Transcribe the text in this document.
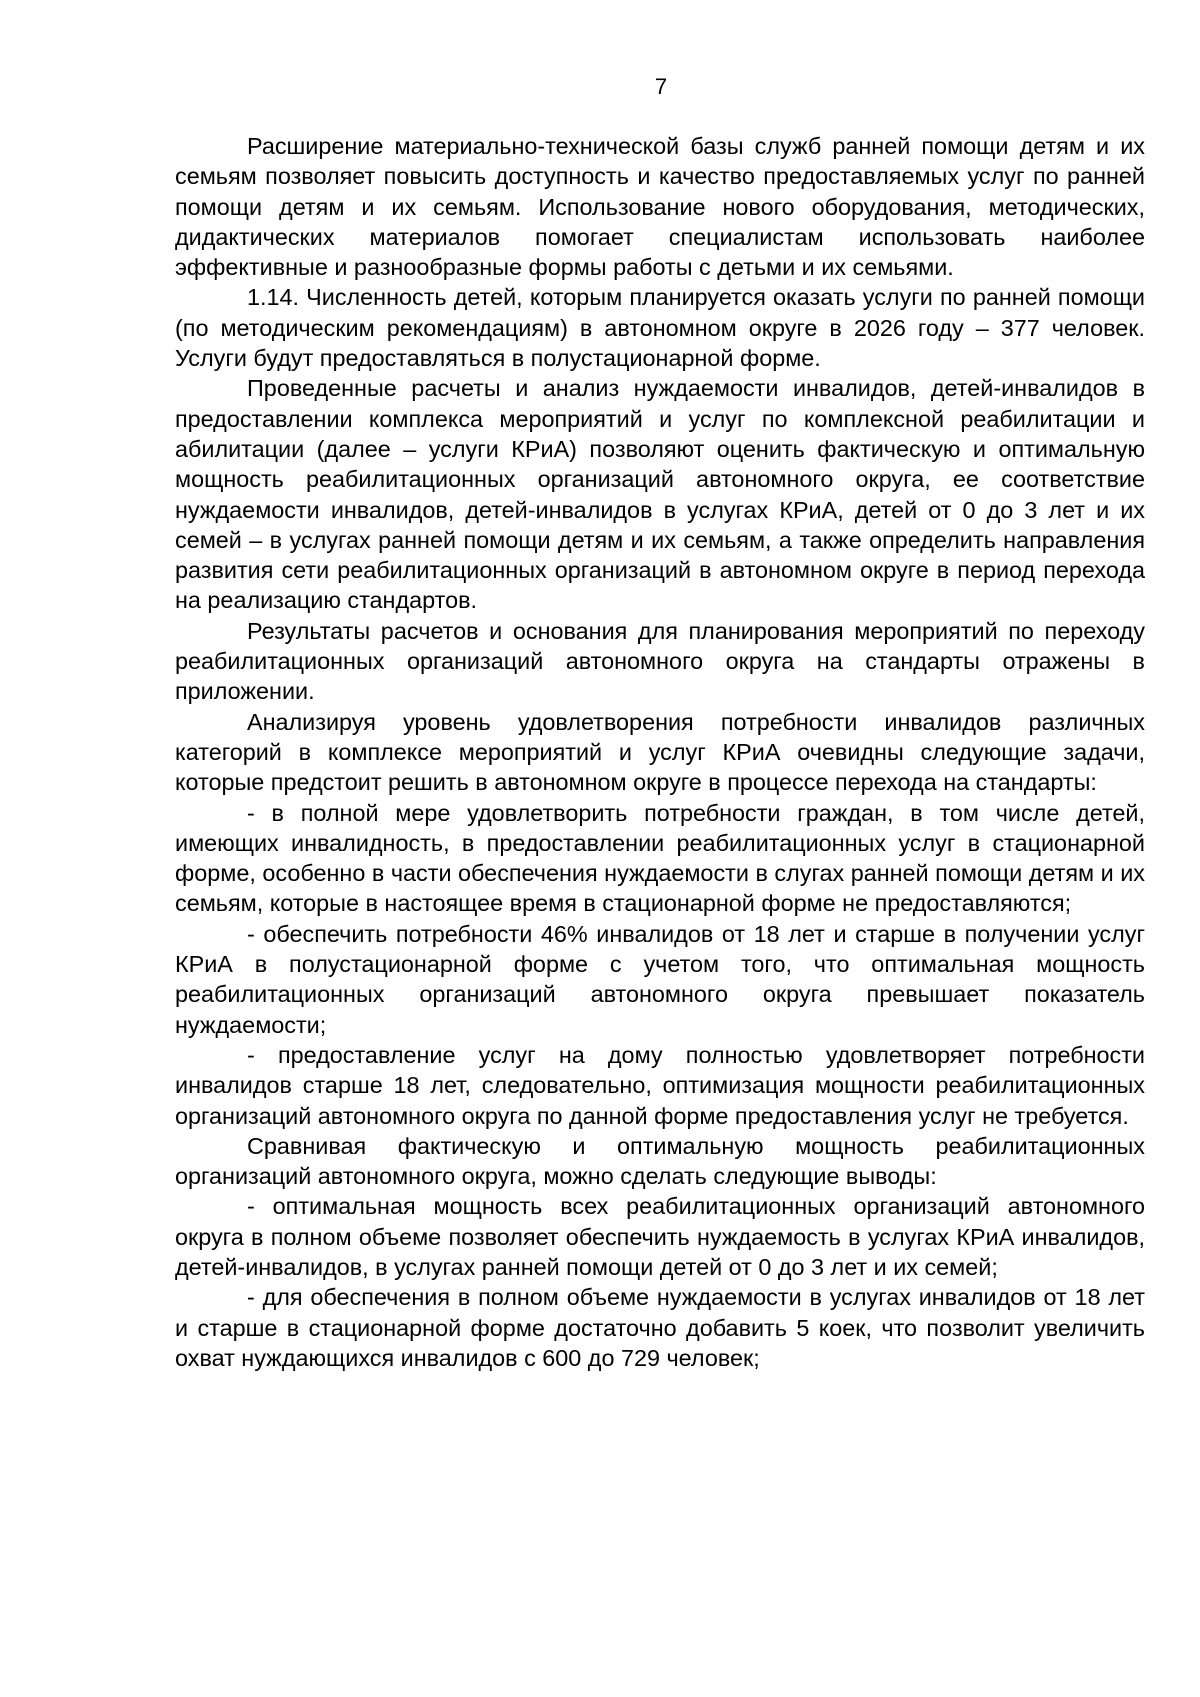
7

Расширение материально-технической базы служб ранней помощи детям и их семьям позволяет повысить доступность и качество предоставляемых услуг по ранней помощи детям и их семьям. Использование нового оборудования, методических, дидактических материалов помогает специалистам использовать наиболее эффективные и разнообразные формы работы с детьми и их семьями.

1.14. Численность детей, которым планируется оказать услуги по ранней помощи (по методическим рекомендациям) в автономном округе в 2026 году – 377 человек. Услуги будут предоставляться в полустационарной форме.

Проведенные расчеты и анализ нуждаемости инвалидов, детей-инвалидов в предоставлении комплекса мероприятий и услуг по комплексной реабилитации и абилитации (далее – услуги КРиА) позволяют оценить фактическую и оптимальную мощность реабилитационных организаций автономного округа, ее соответствие нуждаемости инвалидов, детей-инвалидов в услугах КРиА, детей от 0 до 3 лет и их семей – в услугах ранней помощи детям и их семьям, а также определить направления развития сети реабилитационных организаций в автономном округе в период перехода на реализацию стандартов.

Результаты расчетов и основания для планирования мероприятий по переходу реабилитационных организаций автономного округа на стандарты отражены в приложении.

Анализируя уровень удовлетворения потребности инвалидов различных категорий в комплексе мероприятий и услуг КРиА очевидны следующие задачи, которые предстоит решить в автономном округе в процессе перехода на стандарты:

- в полной мере удовлетворить потребности граждан, в том числе детей, имеющих инвалидность, в предоставлении реабилитационных услуг в стационарной форме, особенно в части обеспечения нуждаемости в слугах ранней помощи детям и их семьям, которые в настоящее время в стационарной форме не предоставляются;

- обеспечить потребности 46% инвалидов от 18 лет и старше в получении услуг КРиА в полустационарной форме с учетом того, что оптимальная мощность реабилитационных организаций автономного округа превышает показатель нуждаемости;

- предоставление услуг на дому полностью удовлетворяет потребности инвалидов старше 18 лет, следовательно, оптимизация мощности реабилитационных организаций автономного округа по данной форме предоставления услуг не требуется.

Сравнивая фактическую и оптимальную мощность реабилитационных организаций автономного округа, можно сделать следующие выводы:

- оптимальная мощность всех реабилитационных организаций автономного округа в полном объеме позволяет обеспечить нуждаемость в услугах КРиА инвалидов, детей-инвалидов, в услугах ранней помощи детей от 0 до 3 лет и их семей;

- для обеспечения в полном объеме нуждаемости в услугах инвалидов от 18 лет и старше в стационарной форме достаточно добавить 5 коек, что позволит увеличить охват нуждающихся инвалидов с 600 до 729 человек;
